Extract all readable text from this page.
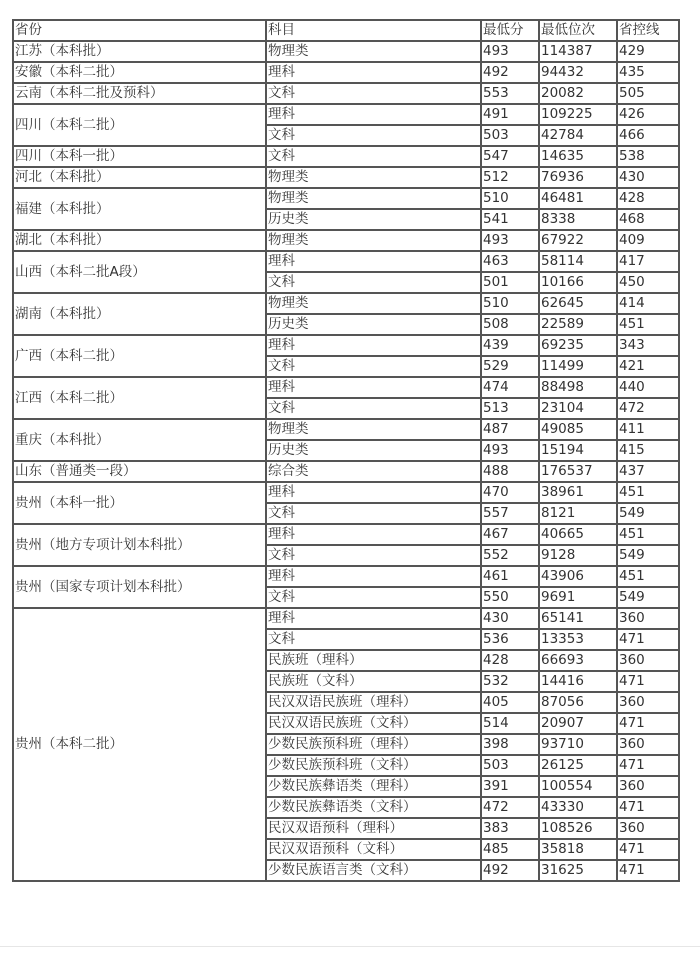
省份	科目	最低分	最低位次	省控线
江苏（本科批）	物理类	493	114387	429
安徽（本科二批）	理科	492	94432	435
云南（本科二批及预科）	文科	553	20082	505
四川（本科二批）	理科	491	109225	426
	文科	503	42784	466
四川（本科一批）	文科	547	14635	538
河北（本科批）	物理类	512	76936	430
福建（本科批）	物理类	510	46481	428
	历史类	541	8338	468
湖北（本科批）	物理类	493	67922	409
山西（本科二批A段）	理科	463	58114	417
	文科	501	10166	450
湖南（本科批）	物理类	510	62645	414
	历史类	508	22589	451
广西（本科二批）	理科	439	69235	343
	文科	529	11499	421
江西（本科二批）	理科	474	88498	440
	文科	513	23104	472
重庆（本科批）	物理类	487	49085	411
	历史类	493	15194	415
山东（普通类一段）	综合类	488	176537	437
贵州（本科一批）	理科	470	38961	451
	文科	557	8121	549
贵州（地方专项计划本科批）	理科	467	40665	451
	文科	552	9128	549
贵州（国家专项计划本科批）	理科	461	43906	451
	文科	550	9691	549
贵州（本科二批）	理科	430	65141	360
	文科	536	13353	471
	民族班（理科）	428	66693	360
	民族班（文科）	532	14416	471
	民汉双语民族班（理科）	405	87056	360
	民汉双语民族班（文科）	514	20907	471
	少数民族预科班（理科）	398	93710	360
	少数民族预科班（文科）	503	26125	471
	少数民族彝语类（理科）	391	100554	360
	少数民族彝语类（文科）	472	43330	471
	民汉双语预科（理科）	383	108526	360
	民汉双语预科（文科）	485	35818	471
	少数民族语言类（文科）	492	31625	471
